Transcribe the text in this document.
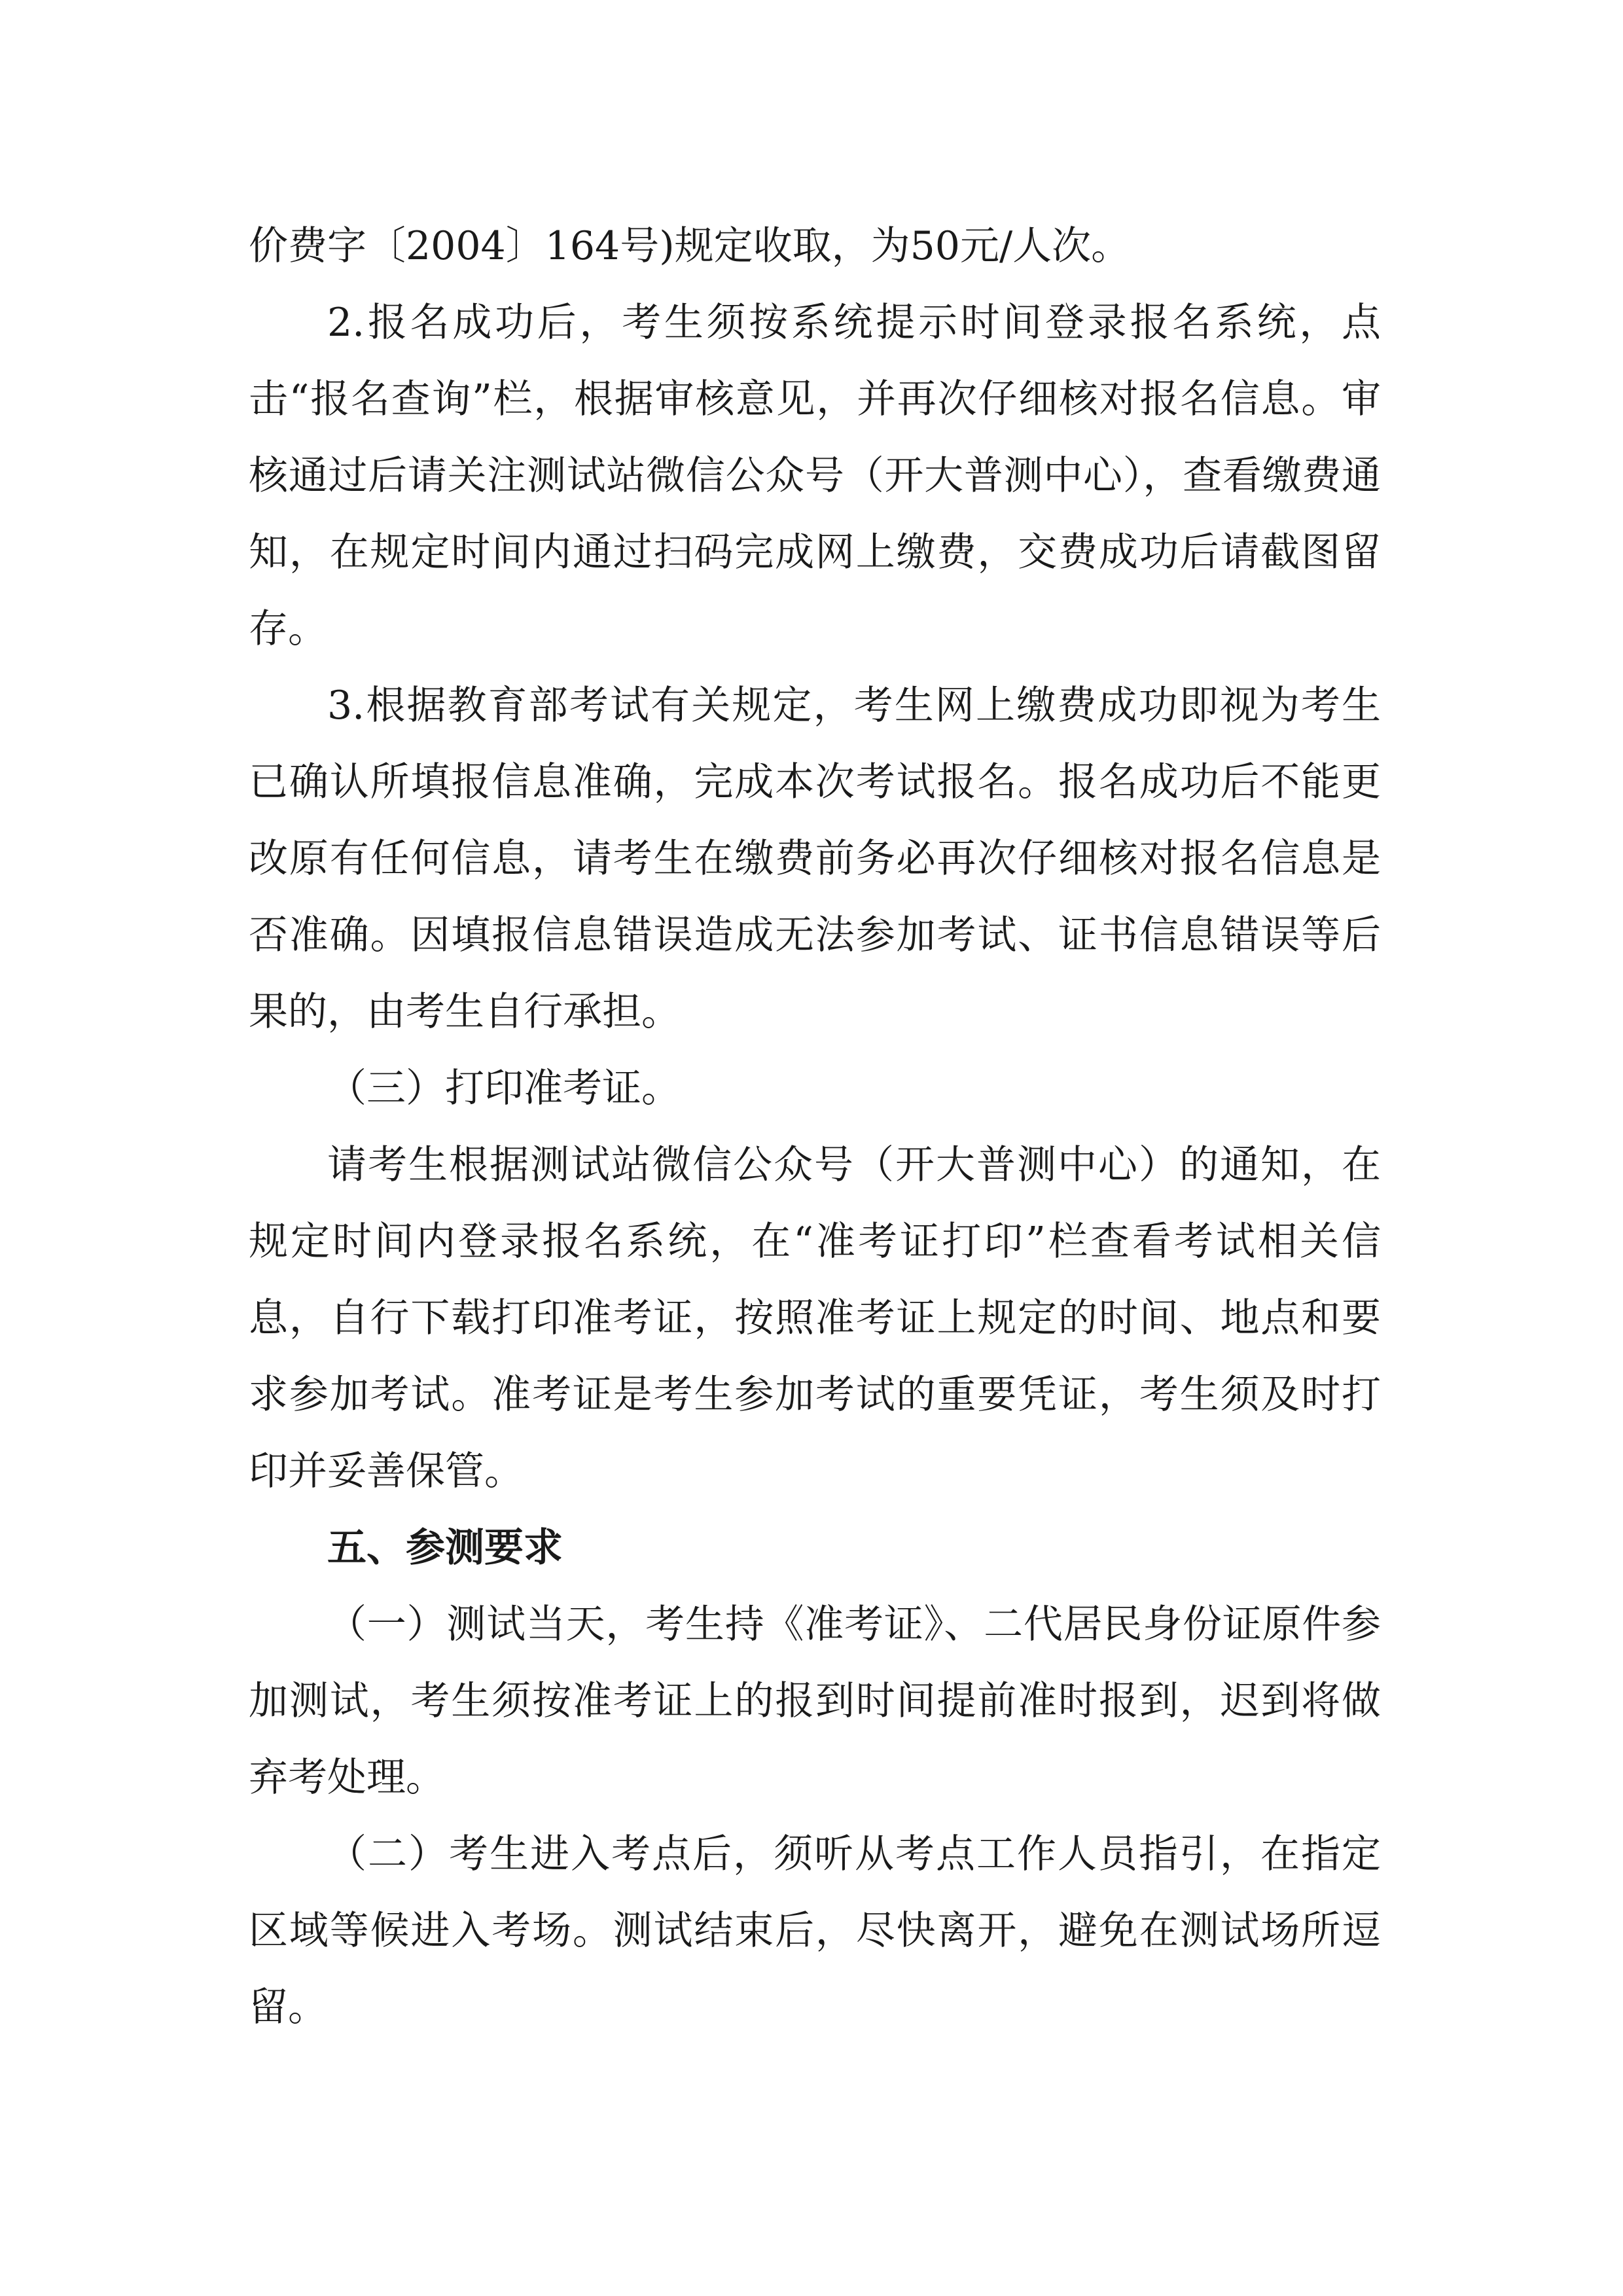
价费字〔2004〕164号)规定收取，为50元/人次。

2.报名成功后，考生须按系统提示时间登录报名系统，点击“报名查询”栏，根据审核意见，并再次仔细核对报名信息。审核通过后请关注测试站微信公众号（开大普测中心），查看缴费通知，在规定时间内通过扫码完成网上缴费，交费成功后请截图留存。

3.根据教育部考试有关规定，考生网上缴费成功即视为考生已确认所填报信息准确，完成本次考试报名。报名成功后不能更改原有任何信息，请考生在缴费前务必再次仔细核对报名信息是否准确。因填报信息错误造成无法参加考试、证书信息错误等后果的，由考生自行承担。

（三）打印准考证。

请考生根据测试站微信公众号（开大普测中心）的通知，在规定时间内登录报名系统，在“准考证打印”栏查看考试相关信息，自行下载打印准考证，按照准考证上规定的时间、地点和要求参加考试。准考证是考生参加考试的重要凭证，考生须及时打印并妥善保管。

五、参测要求

（一）测试当天，考生持《准考证》、二代居民身份证原件参加测试，考生须按准考证上的报到时间提前准时报到，迟到将做弃考处理。

（二）考生进入考点后，须听从考点工作人员指引，在指定区域等候进入考场。测试结束后，尽快离开，避免在测试场所逗留。
